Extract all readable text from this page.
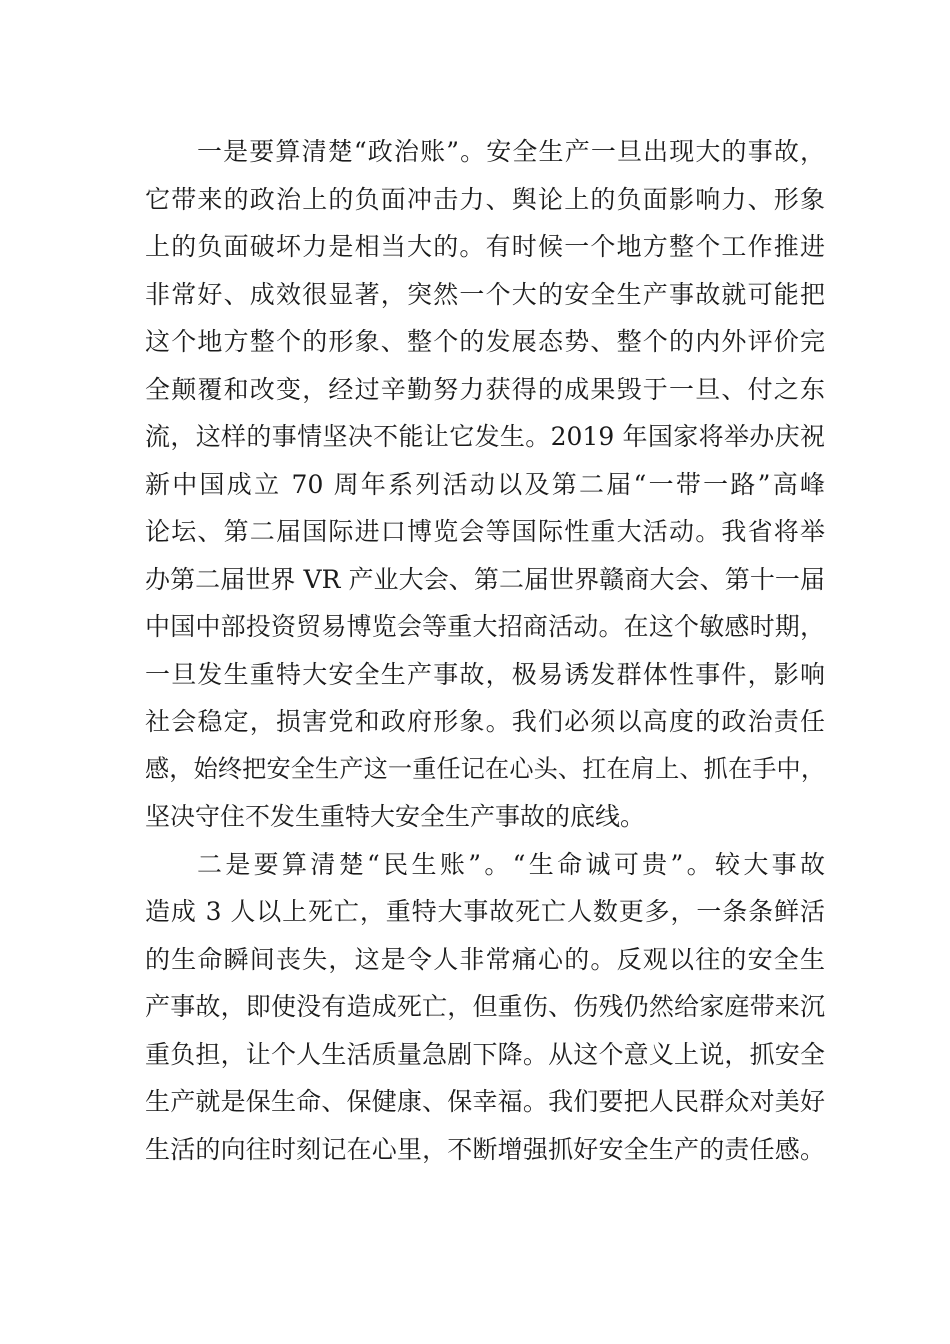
一是要算清楚“政治账”。安全生产一旦出现大的事故，
它带来的政治上的负面冲击力、舆论上的负面影响力、形象
上的负面破坏力是相当大的。有时候一个地方整个工作推进
非常好、成效很显著，突然一个大的安全生产事故就可能把
这个地方整个的形象、整个的发展态势、整个的内外评价完
全颠覆和改变，经过辛勤努力获得的成果毁于一旦、付之东
流，这样的事情坚决不能让它发生。2019 年国家将举办庆祝
新中国成立 70 周年系列活动以及第二届“一带一路”高峰
论坛、第二届国际进口博览会等国际性重大活动。我省将举
办第二届世界 VR 产业大会、第二届世界赣商大会、第十一届
中国中部投资贸易博览会等重大招商活动。在这个敏感时期，
一旦发生重特大安全生产事故，极易诱发群体性事件，影响
社会稳定，损害党和政府形象。我们必须以高度的政治责任
感，始终把安全生产这一重任记在心头、扛在肩上、抓在手中，
坚决守住不发生重特大安全生产事故的底线。
二是要算清楚“民生账”。“生命诚可贵”。较大事故
造成 3 人以上死亡，重特大事故死亡人数更多，一条条鲜活
的生命瞬间丧失，这是令人非常痛心的。反观以往的安全生
产事故，即使没有造成死亡，但重伤、伤残仍然给家庭带来沉
重负担，让个人生活质量急剧下降。从这个意义上说，抓安全
生产就是保生命、保健康、保幸福。我们要把人民群众对美好
生活的向往时刻记在心里，不断增强抓好安全生产的责任感。
